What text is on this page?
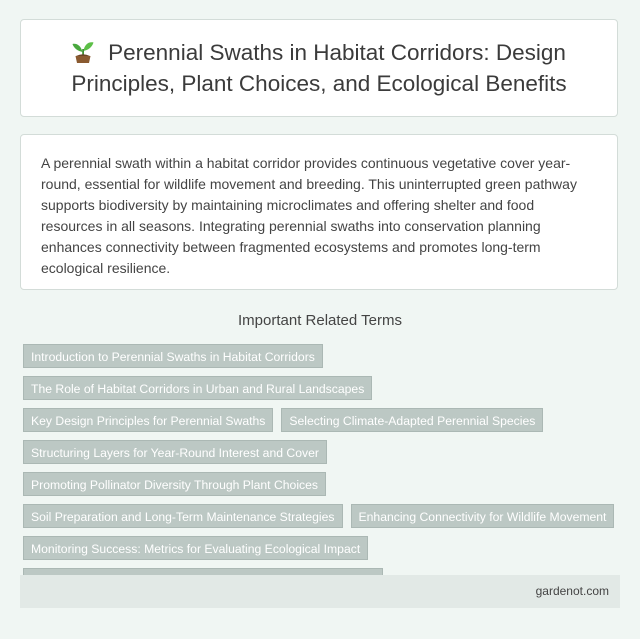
Perennial Swaths in Habitat Corridors: Design Principles, Plant Choices, and Ecological Benefits

A perennial swath within a habitat corridor provides continuous vegetative cover year-round, essential for wildlife movement and breeding. This uninterrupted green pathway supports biodiversity by maintaining microclimates and offering shelter and food resources in all seasons. Integrating perennial swaths into conservation planning enhances connectivity between fragmented ecosystems and promotes long-term ecological resilience.

Important Related Terms
Introduction to Perennial Swaths in Habitat Corridors
The Role of Habitat Corridors in Urban and Rural Landscapes
Key Design Principles for Perennial Swaths	Selecting Climate-Adapted Perennial Species
Structuring Layers for Year-Round Interest and Cover
Promoting Pollinator Diversity Through Plant Choices
Soil Preparation and Long-Term Maintenance Strategies	Enhancing Connectivity for Wildlife Movement
Monitoring Success: Metrics for Evaluating Ecological Impact
gardenot.com
